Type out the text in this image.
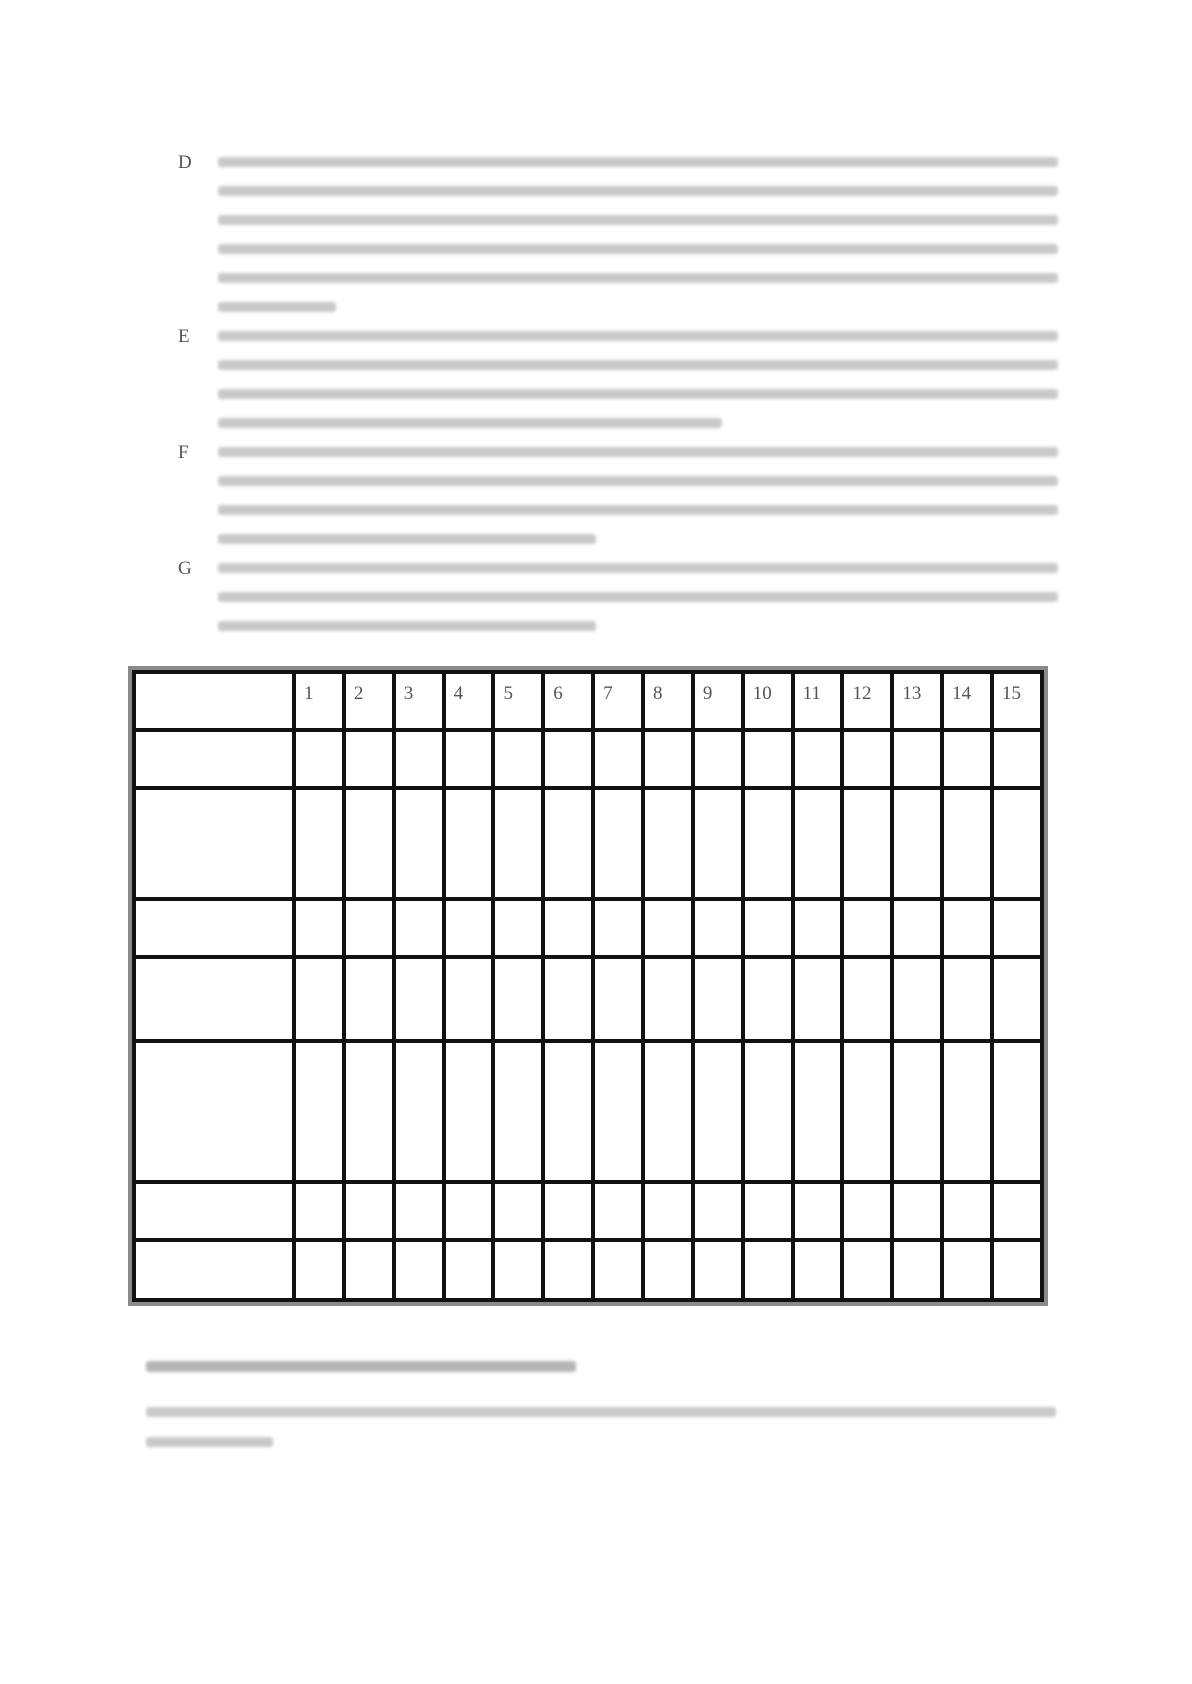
D
E
F
G
	1	2	3	4	5	6	7	8	9	10	11	12	13	14	15
